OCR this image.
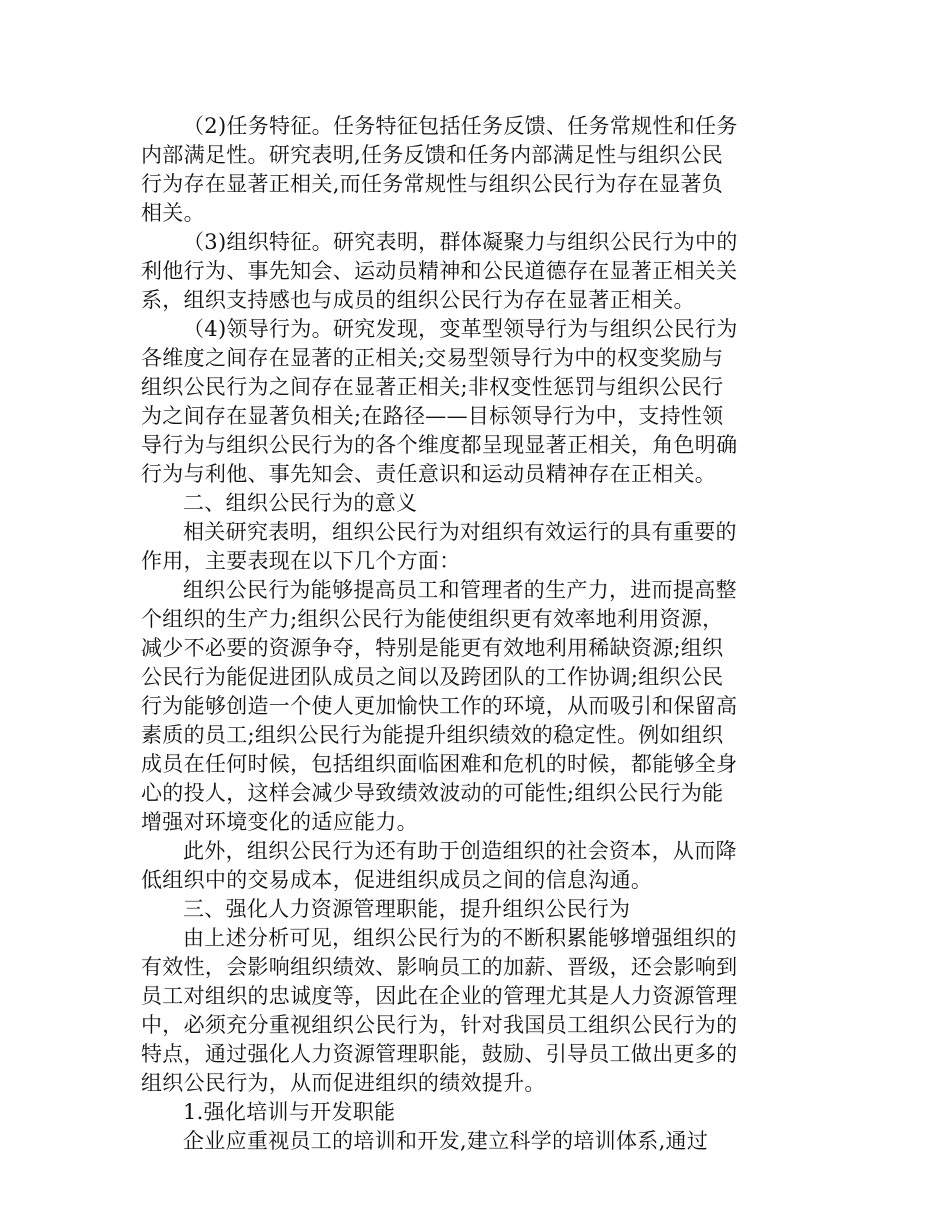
（2)任务特征。任务特征包括任务反馈、任务常规性和任务内部满足性。研究表明,任务反馈和任务内部满足性与组织公民行为存在显著正相关,而任务常规性与组织公民行为存在显著负相关。

（3)组织特征。研究表明，群体凝聚力与组织公民行为中的利他行为、事先知会、运动员精神和公民道德存在显著正相关关系，组织支持感也与成员的组织公民行为存在显著正相关。

（4)领导行为。研究发现，变革型领导行为与组织公民行为各维度之间存在显著的正相关;交易型领导行为中的权变奖励与组织公民行为之间存在显著正相关;非权变性惩罚与组织公民行为之间存在显著负相关;在路径——目标领导行为中，支持性领导行为与组织公民行为的各个维度都呈现显著正相关，角色明确行为与利他、事先知会、责任意识和运动员精神存在正相关。

二、组织公民行为的意义

相关研究表明，组织公民行为对组织有效运行的具有重要的作用，主要表现在以下几个方面：

组织公民行为能够提高员工和管理者的生产力，进而提高整个组织的生产力;组织公民行为能使组织更有效率地利用资源，减少不必要的资源争夺，特别是能更有效地利用稀缺资源;组织公民行为能促进团队成员之间以及跨团队的工作协调;组织公民行为能够创造一个使人更加愉快工作的环境，从而吸引和保留高素质的员工;组织公民行为能提升组织绩效的稳定性。例如组织成员在任何时候，包括组织面临困难和危机的时候，都能够全身心的投人，这样会减少导致绩效波动的可能性;组织公民行为能增强对环境变化的适应能力。

此外，组织公民行为还有助于创造组织的社会资本，从而降低组织中的交易成本，促进组织成员之间的信息沟通。

三、强化人力资源管理职能，提升组织公民行为

由上述分析可见，组织公民行为的不断积累能够增强组织的有效性，会影响组织绩效、影响员工的加薪、晋级，还会影响到员工对组织的忠诚度等，因此在企业的管理尤其是人力资源管理中，必须充分重视组织公民行为，针对我国员工组织公民行为的特点，通过强化人力资源管理职能，鼓励、引导员工做出更多的组织公民行为，从而促进组织的绩效提升。

1.强化培训与开发职能

企业应重视员工的培训和开发,建立科学的培训体系,通过
